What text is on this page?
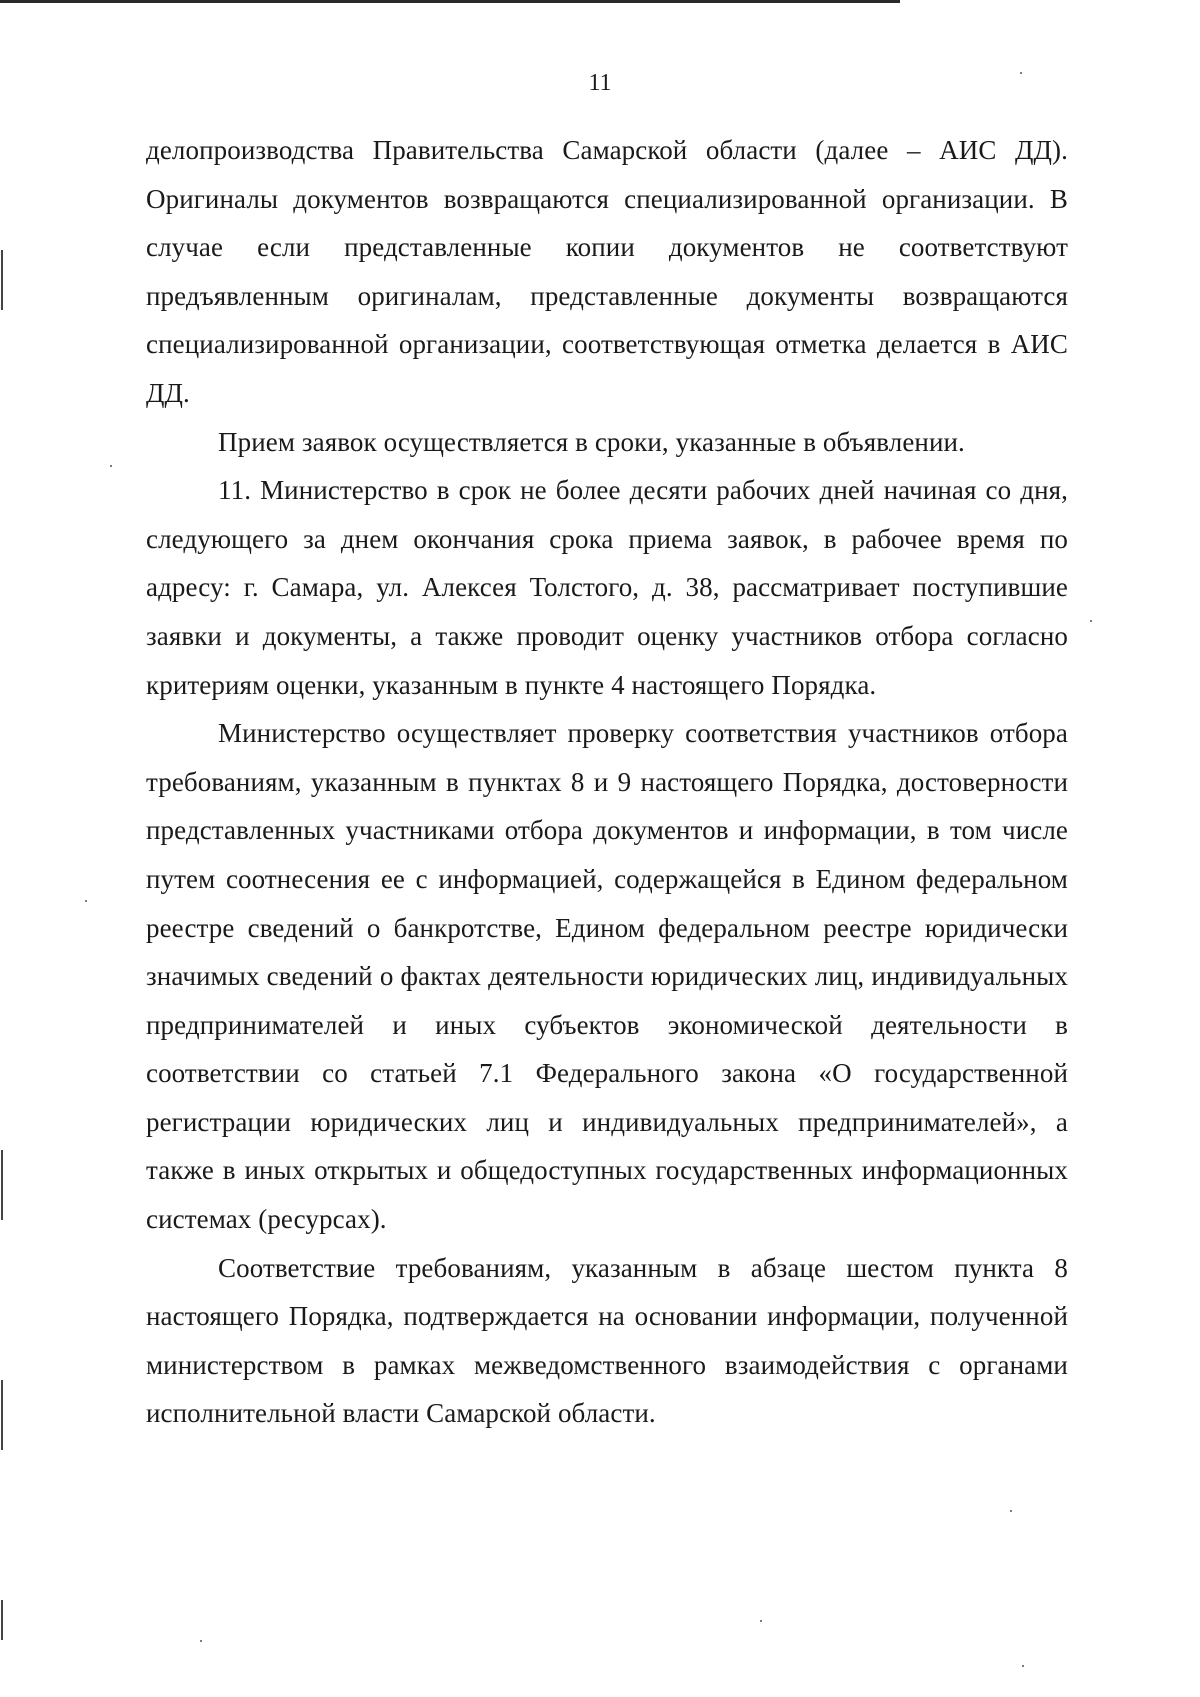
11

делопроизводства Правительства Самарской области (далее – АИС ДД). Оригиналы документов возвращаются специализированной организации. В случае если представленные копии документов не соответствуют предъявленным оригиналам, представленные документы возвращаются специализированной организации, соответствующая отметка делается в АИС ДД.

Прием заявок осуществляется в сроки, указанные в объявлении.

11. Министерство в срок не более десяти рабочих дней начиная со дня, следующего за днем окончания срока приема заявок, в рабочее время по адресу: г. Самара, ул. Алексея Толстого, д. 38, рассматривает поступившие заявки и документы, а также проводит оценку участников отбора согласно критериям оценки, указанным в пункте 4 настоящего Порядка.

Министерство осуществляет проверку соответствия участников отбора требованиям, указанным в пунктах 8 и 9 настоящего Порядка, достоверности представленных участниками отбора документов и информации, в том числе путем соотнесения ее с информацией, содержащейся в Едином федеральном реестре сведений о банкротстве, Едином федеральном реестре юридически значимых сведений о фактах деятельности юридических лиц, индивидуальных предпринимателей и иных субъектов экономической деятельности в соответствии со статьей 7.1 Федерального закона «О государственной регистрации юридических лиц и индивидуальных предпринимателей», а также в иных открытых и общедоступных государственных информационных системах (ресурсах).

Соответствие требованиям, указанным в абзаце шестом пункта 8 настоящего Порядка, подтверждается на основании информации, полученной министерством в рамках межведомственного взаимодействия с органами исполнительной власти Самарской области.
